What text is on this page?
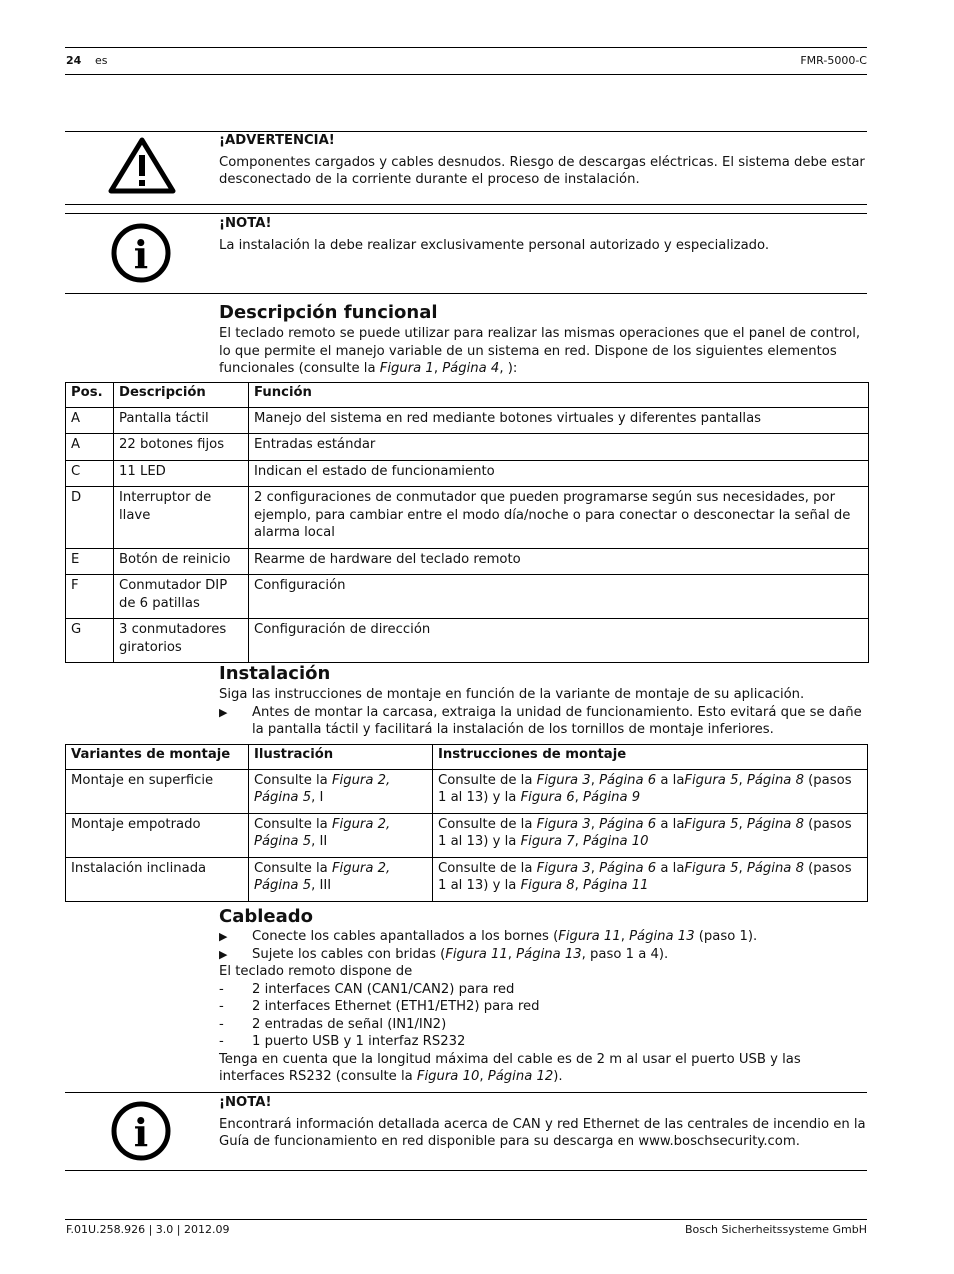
24 es	FMR-5000-C
¡ADVERTENCIA!
Componentes cargados y cables desnudos. Riesgo de descargas eléctricas. El sistema debe estar desconectado de la corriente durante el proceso de instalación.
i
¡NOTA!
La instalación la debe realizar exclusivamente personal autorizado y especializado.
Descripción funcional
El teclado remoto se puede utilizar para realizar las mismas operaciones que el panel de control, lo que permite el manejo variable de un sistema en red. Dispone de los siguientes elementos funcionales (consulte la Figura 1, Página 4, ):
Pos.	Descripción	Función
A	Pantalla táctil	Manejo del sistema en red mediante botones virtuales y diferentes pantallas
A	22 botones fijos	Entradas estándar
C	11 LED	Indican el estado de funcionamiento
D	Interruptor de llave	2 configuraciones de conmutador que pueden programarse según sus necesidades, por ejemplo, para cambiar entre el modo día/noche o para conectar o desconectar la señal de alarma local
E	Botón de reinicio	Rearme de hardware del teclado remoto
F	Conmutador DIP de 6 patillas	Configuración
G	3 conmutadores giratorios	Configuración de dirección
Instalación
Siga las instrucciones de montaje en función de la variante de montaje de su aplicación.
▶ Antes de montar la carcasa, extraiga la unidad de funcionamiento. Esto evitará que se dañe la pantalla táctil y facilitará la instalación de los tornillos de montaje inferiores.
Variantes de montaje	Ilustración	Instrucciones de montaje
Montaje en superficie	Consulte la Figura 2, Página 5, I	Consulte de la Figura 3, Página 6 a laFigura 5, Página 8 (pasos 1 al 13) y la Figura 6, Página 9
Montaje empotrado	Consulte la Figura 2, Página 5, II	Consulte de la Figura 3, Página 6 a laFigura 5, Página 8 (pasos 1 al 13) y la Figura 7, Página 10
Instalación inclinada	Consulte la Figura 2, Página 5, III	Consulte de la Figura 3, Página 6 a laFigura 5, Página 8 (pasos 1 al 13) y la Figura 8, Página 11
Cableado
▶ Conecte los cables apantallados a los bornes (Figura 11, Página 13 (paso 1).
▶ Sujete los cables con bridas (Figura 11, Página 13, paso 1 a 4).
El teclado remoto dispone de
- 2 interfaces CAN (CAN1/CAN2) para red
- 2 interfaces Ethernet (ETH1/ETH2) para red
- 2 entradas de señal (IN1/IN2)
- 1 puerto USB y 1 interfaz RS232
Tenga en cuenta que la longitud máxima del cable es de 2 m al usar el puerto USB y las interfaces RS232 (consulte la Figura 10, Página 12).
i
¡NOTA!
Encontrará información detallada acerca de CAN y red Ethernet de las centrales de incendio en la Guía de funcionamiento en red disponible para su descarga en www.boschsecurity.com.
F.01U.258.926 | 3.0 | 2012.09	Bosch Sicherheitssysteme GmbH
